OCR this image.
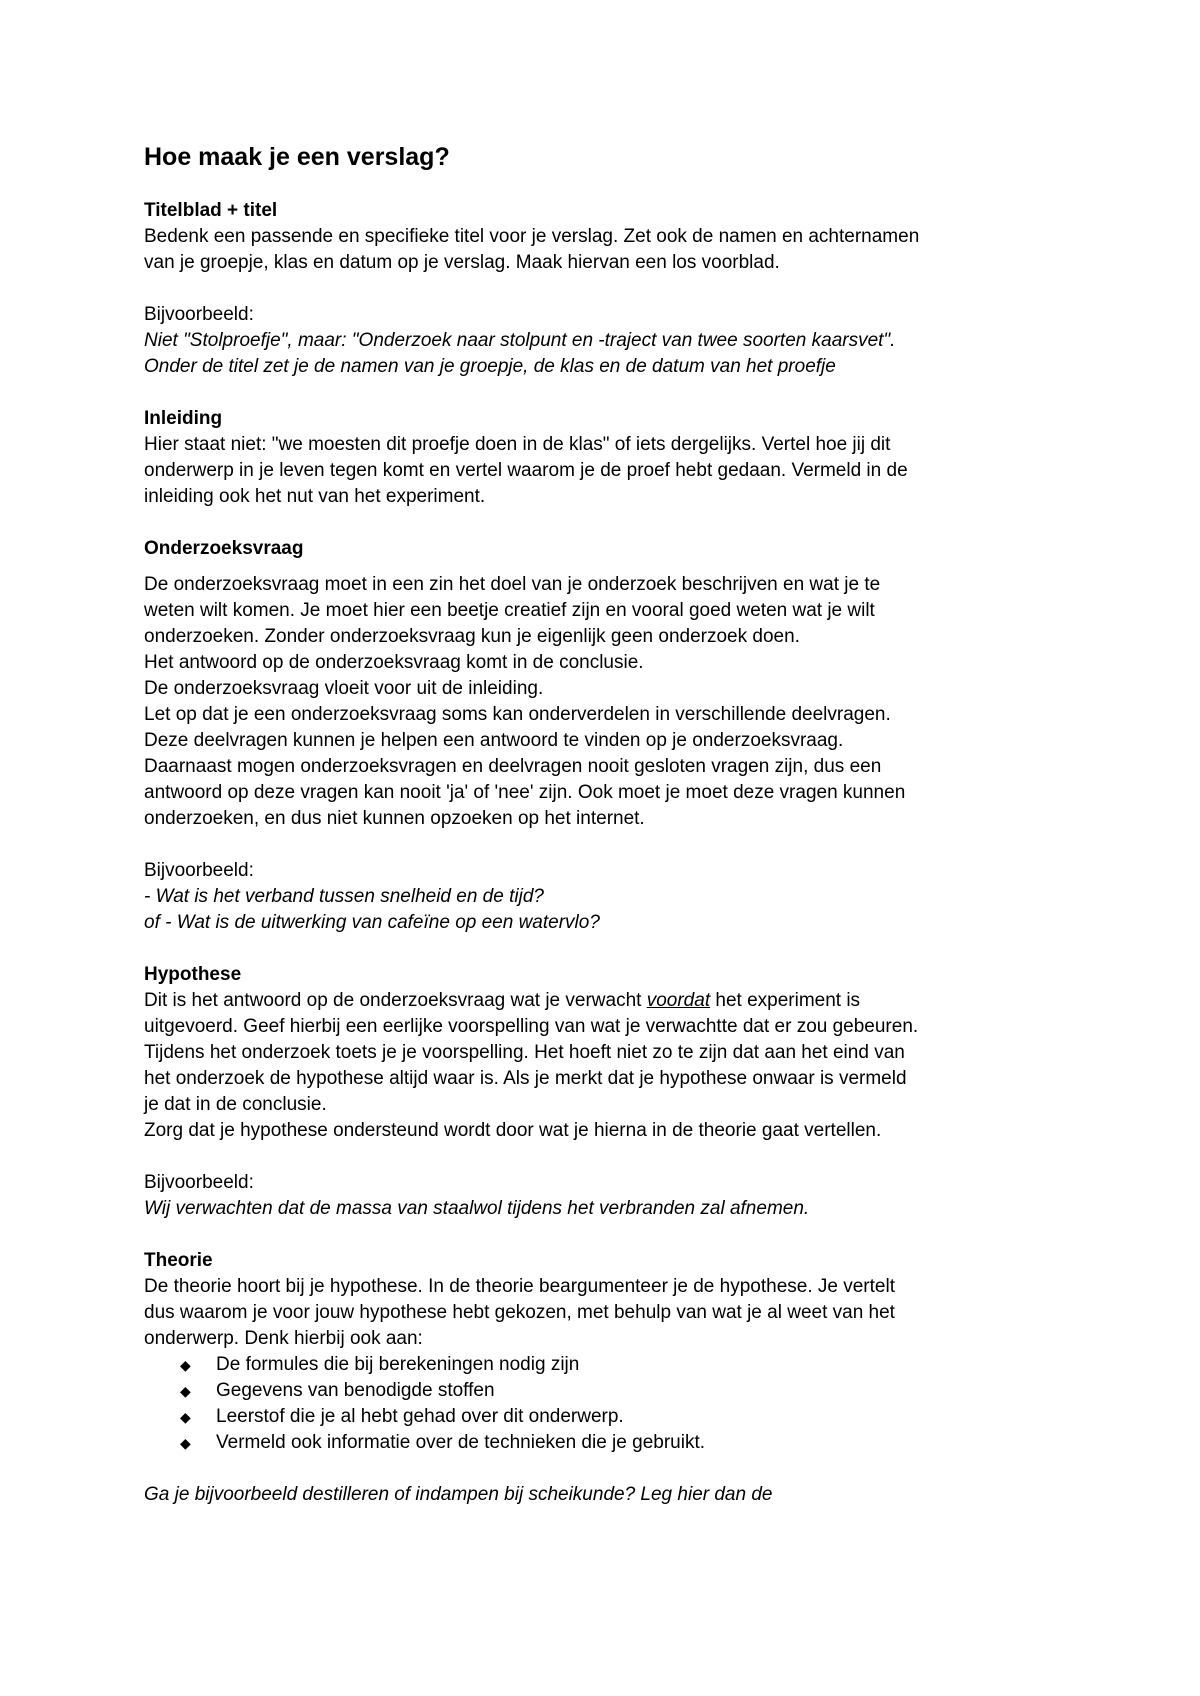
Hoe maak je een verslag?
Titelblad + titel

Bedenk een passende en specifieke titel voor je verslag. Zet ook de namen en achternamen

van je groepje, klas en datum op je verslag. Maak hiervan een los voorblad.

Bijvoorbeeld:

Niet "Stolproefje", maar: "Onderzoek naar stolpunt en -traject van twee soorten kaarsvet".

Onder de titel zet je de namen van je groepje, de klas en de datum van het proefje

Inleiding

Hier staat niet: "we moesten dit proefje doen in de klas" of iets dergelijks. Vertel hoe jij dit

onderwerp in je leven tegen komt en vertel waarom je de proef hebt gedaan. Vermeld in de

inleiding ook het nut van het experiment.

Onderzoeksvraag

De onderzoeksvraag moet in een zin het doel van je onderzoek beschrijven en wat je te

weten wilt komen. Je moet hier een beetje creatief zijn en vooral goed weten wat je wilt

onderzoeken. Zonder onderzoeksvraag kun je eigenlijk geen onderzoek doen.

Het antwoord op de onderzoeksvraag komt in de conclusie.

De onderzoeksvraag vloeit voor uit de inleiding.

Let op dat je een onderzoeksvraag soms kan onderverdelen in verschillende deelvragen.

Deze deelvragen kunnen je helpen een antwoord te vinden op je onderzoeksvraag.

Daarnaast mogen onderzoeksvragen en deelvragen nooit gesloten vragen zijn, dus een

antwoord op deze vragen kan nooit 'ja' of 'nee' zijn. Ook moet je moet deze vragen kunnen

onderzoeken, en dus niet kunnen opzoeken op het internet.

Bijvoorbeeld:

- Wat is het verband tussen snelheid en de tijd?

of - Wat is de uitwerking van cafeïne op een watervlo?

Hypothese

Dit is het antwoord op de onderzoeksvraag wat je verwacht voordat het experiment is

uitgevoerd. Geef hierbij een eerlijke voorspelling van wat je verwachtte dat er zou gebeuren.

Tijdens het onderzoek toets je je voorspelling. Het hoeft niet zo te zijn dat aan het eind van

het onderzoek de hypothese altijd waar is. Als je merkt dat je hypothese onwaar is vermeld

je dat in de conclusie.

Zorg dat je hypothese ondersteund wordt door wat je hierna in de theorie gaat vertellen.

Bijvoorbeeld:

Wij verwachten dat de massa van staalwol tijdens het verbranden zal afnemen.

Theorie

De theorie hoort bij je hypothese. In de theorie beargumenteer je de hypothese. Je vertelt

dus waarom je voor jouw hypothese hebt gekozen, met behulp van wat je al weet van het

onderwerp. Denk hierbij ook aan:

◆ De formules die bij berekeningen nodig zijn
◆ Gegevens van benodigde stoffen
◆ Leerstof die je al hebt gehad over dit onderwerp.
◆ Vermeld ook informatie over de technieken die je gebruikt.

Ga je bijvoorbeeld destilleren of indampen bij scheikunde? Leg hier dan de
